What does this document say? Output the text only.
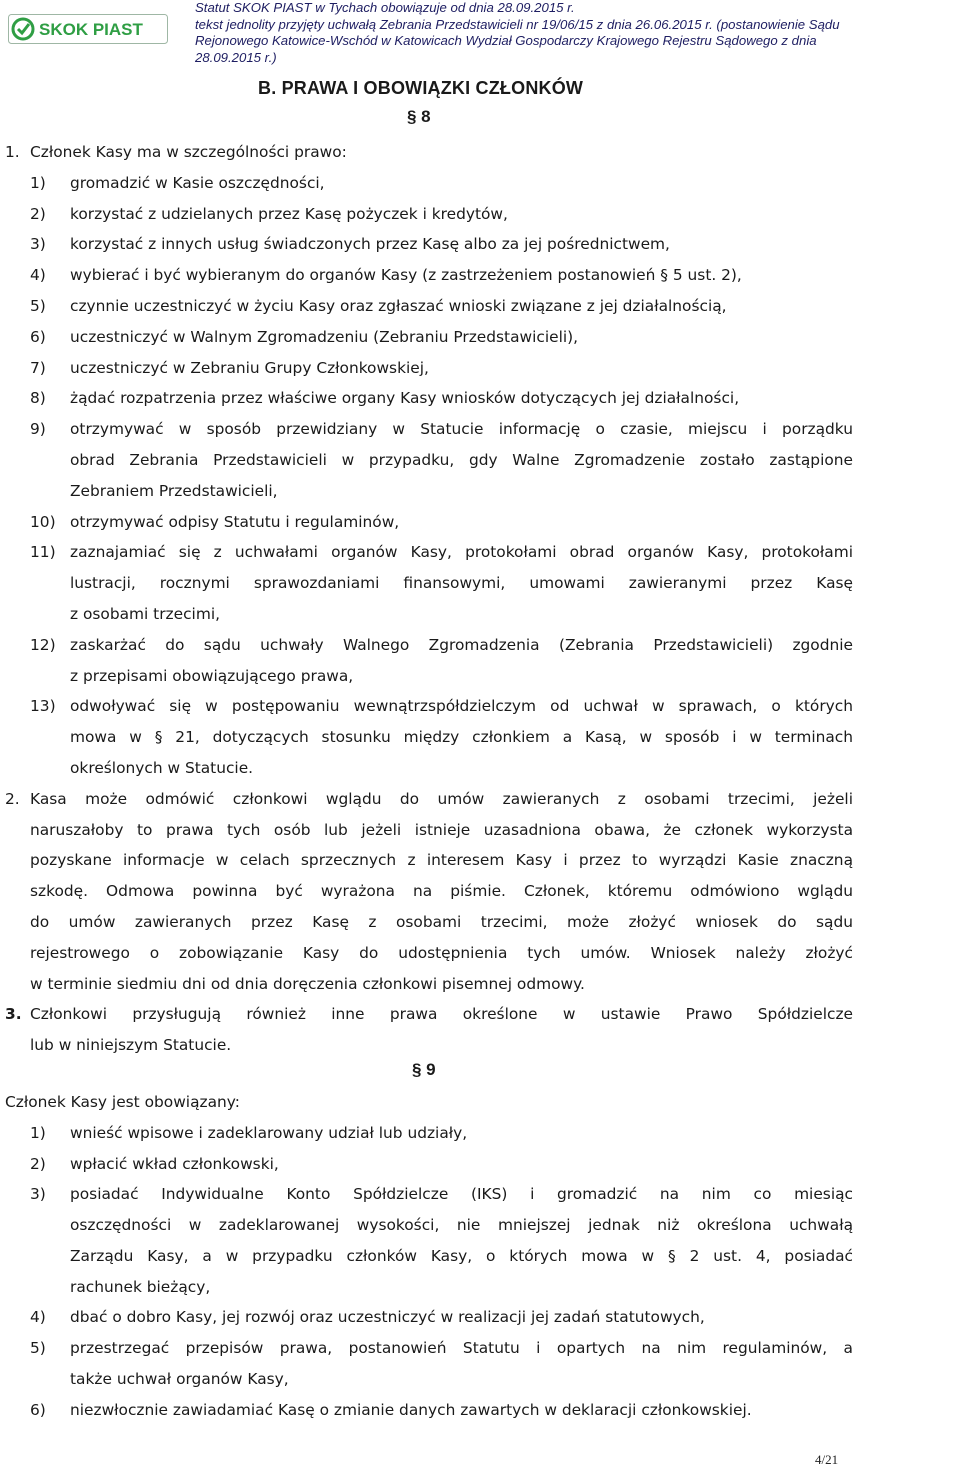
SKOK PIAST
Statut SKOK PIAST w Tychach obowiązuje od dnia 28.09.2015 r.
tekst jednolity przyjęty uchwałą Zebrania Przedstawicieli nr 19/06/15 z dnia 26.06.2015 r. (postanowienie Sądu
Rejonowego Katowice-Wschód w Katowicach Wydział Gospodarczy Krajowego Rejestru Sądowego z dnia
28.09.2015 r.)
B. PRAWA I OBOWIĄZKI CZŁONKÓW
§ 8
1. Członek Kasy ma w szczególności prawo:
1) gromadzić w Kasie oszczędności,
2) korzystać z udzielanych przez Kasę pożyczek i kredytów,
3) korzystać z innych usług świadczonych przez Kasę albo za jej pośrednictwem,
4) wybierać i być wybieranym do organów Kasy (z zastrzeżeniem postanowień § 5 ust. 2),
5) czynnie uczestniczyć w życiu Kasy oraz zgłaszać wnioski związane z jej działalnością,
6) uczestniczyć w Walnym Zgromadzeniu (Zebraniu Przedstawicieli),
7) uczestniczyć w Zebraniu Grupy Członkowskiej,
8) żądać rozpatrzenia przez właściwe organy Kasy wniosków dotyczących jej działalności,
9) otrzymywać w sposób przewidziany w Statucie informację o czasie, miejscu i porządku
obrad Zebrania Przedstawicieli w przypadku, gdy Walne Zgromadzenie zostało zastąpione
Zebraniem Przedstawicieli,
10) otrzymywać odpisy Statutu i regulaminów,
11) zaznajamiać się z uchwałami organów Kasy, protokołami obrad organów Kasy, protokołami
lustracji, rocznymi sprawozdaniami finansowymi, umowami zawieranymi przez Kasę
z osobami trzecimi,
12) zaskarżać do sądu uchwały Walnego Zgromadzenia (Zebrania Przedstawicieli) zgodnie
z przepisami obowiązującego prawa,
13) odwoływać się w postępowaniu wewnątrzspółdzielczym od uchwał w sprawach, o których
mowa w § 21, dotyczących stosunku między członkiem a Kasą, w sposób i w terminach
określonych w Statucie.
2. Kasa może odmówić członkowi wglądu do umów zawieranych z osobami trzecimi, jeżeli
naruszałoby to prawa tych osób lub jeżeli istnieje uzasadniona obawa, że członek wykorzysta
pozyskane informacje w celach sprzecznych z interesem Kasy i przez to wyrządzi Kasie znaczną
szkodę. Odmowa powinna być wyrażona na piśmie. Członek, któremu odmówiono wglądu
do umów zawieranych przez Kasę z osobami trzecimi, może złożyć wniosek do sądu
rejestrowego o zobowiązanie Kasy do udostępnienia tych umów. Wniosek należy złożyć
w terminie siedmiu dni od dnia doręczenia członkowi pisemnej odmowy.
3. Członkowi przysługują również inne prawa określone w ustawie Prawo Spółdzielcze
lub w niniejszym Statucie.
§ 9
Członek Kasy jest obowiązany:
1) wnieść wpisowe i zadeklarowany udział lub udziały,
2) wpłacić wkład członkowski,
3) posiadać Indywidualne Konto Spółdzielcze (IKS) i gromadzić na nim co miesiąc
oszczędności w zadeklarowanej wysokości, nie mniejszej jednak niż określona uchwałą
Zarządu Kasy, a w przypadku członków Kasy, o których mowa w § 2 ust. 4, posiadać
rachunek bieżący,
4) dbać o dobro Kasy, jej rozwój oraz uczestniczyć w realizacji jej zadań statutowych,
5) przestrzegać przepisów prawa, postanowień Statutu i opartych na nim regulaminów, a
także uchwał organów Kasy,
6) niezwłocznie zawiadamiać Kasę o zmianie danych zawartych w deklaracji członkowskiej.
4/21
